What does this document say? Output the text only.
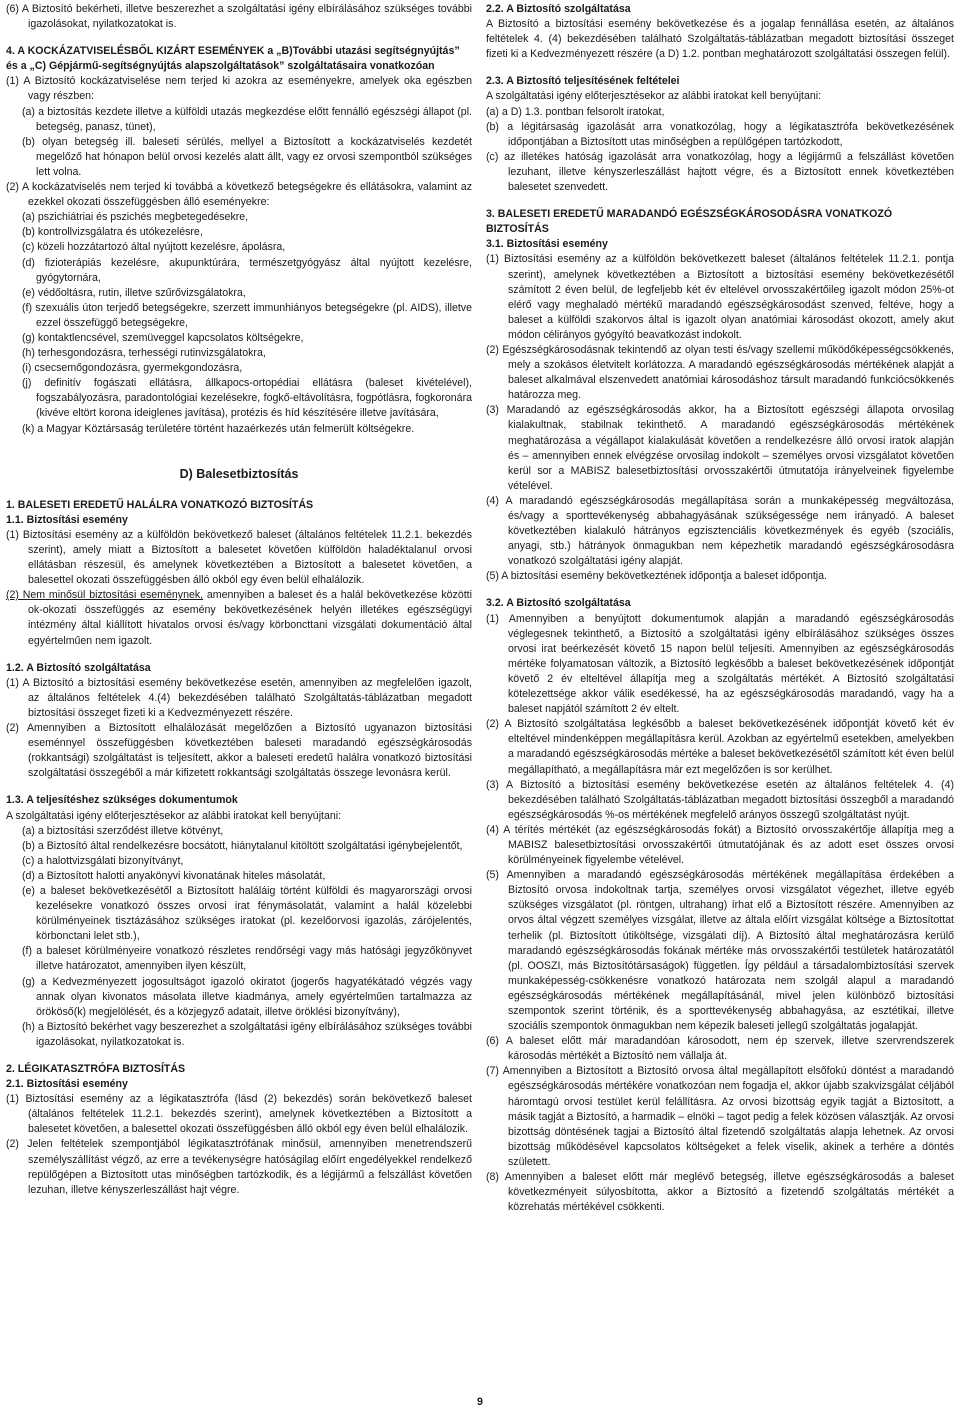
(6) A Biztosító bekérheti, illetve beszerezhet a szolgáltatási igény elbírálásához szükséges további igazolásokat, nyilatkozatokat is.

4. A KOCKÁZATVISELÉSBŐL KIZÁRT ESEMÉNYEK a „B)További utazási segítségnyújtás” és a „C) Gépjármű-segítségnyújtás alapszolgáltatások” szolgáltatásaira vonatkozóan

(1) A Biztosító kockázatviselése nem terjed ki azokra az eseményekre, amelyek oka egészben vagy részben:

(a) a biztosítás kezdete illetve a külföldi utazás megkezdése előtt fennálló egészségi állapot (pl. betegség, panasz, tünet),

(b) olyan betegség ill. baleseti sérülés, mellyel a Biztosított a kockázatviselés kezdetét megelőző hat hónapon belül orvosi kezelés alatt állt, vagy ez orvosi szempontból szükséges lett volna.

(2) A kockázatviselés nem terjed ki továbbá a következő betegségekre és ellátásokra, valamint az ezekkel okozati összefüggésben álló eseményekre:

(a) pszichiátriai és pszichés megbetegedésekre,

(b) kontrollvizsgálatra és utókezelésre,

(c) közeli hozzátartozó által nyújtott kezelésre, ápolásra,

(d) fizioterápiás kezelésre, akupunktúrára, természetgyógyász által nyújtott kezelésre, gyógytornára,

(e) védőoltásra, rutin, illetve szűrővizsgálatokra,

(f) szexuális úton terjedő betegségekre, szerzett immunhiányos betegségekre (pl. AIDS), illetve ezzel összefüggő betegségekre,

(g) kontaktlencsével, szemüveggel kapcsolatos költségekre,

(h) terhesgondozásra, terhességi rutinvizsgálatokra,

(i) csecsemőgondozásra, gyermekgondozásra,

(j) definitív fogászati ellátásra, állkapocs-ortopédiai ellátásra (baleset kivételével), fogszabályozásra, paradontológiai kezelésekre, fogkő-eltávolításra, fogpótlásra, fogkoronára (kivéve eltört korona ideiglenes javítása), protézis és híd készítésére illetve javítására,

(k) a Magyar Köztársaság területére történt hazaérkezés után felmerült költségekre.

D) Balesetbiztosítás

1. BALESETI EREDETŰ HALÁLRA VONATKOZÓ BIZTOSÍTÁS

1.1. Biztosítási esemény

(1) Biztosítási esemény az a külföldön bekövetkező baleset (általános feltételek 11.2.1. bekezdés szerint), amely miatt a Biztosított a balesetet követően külföldön haladéktalanul orvosi ellátásban részesül, és amelynek következtében a Biztosított a balesetet követően, a balesettel okozati összefüggésben álló okból egy éven belül elhalálozik.

(2) Nem minősül biztosítási eseménynek, amennyiben a baleset és a halál bekövetkezése közötti ok-okozati összefüggés az esemény bekövetkezésének helyén illetékes egészségügyi intézmény által kiállított hivatalos orvosi és/vagy körboncttani vizsgálati dokumentáció által egyértelműen nem igazolt.

1.2. A Biztosító szolgáltatása

(1) A Biztosító a biztosítási esemény bekövetkezése esetén, amennyiben az megfelelően igazolt, az általános feltételek 4.(4) bekezdésében található Szolgáltatás-táblázatban megadott biztosítási összeget fizeti ki a Kedvezményezett részére.

(2) Amennyiben a Biztosított elhalálozását megelőzően a Biztosító ugyanazon biztosítási eseménnyel összefüggésben következtében baleseti maradandó egészségkárosodás (rokkantsági) szolgáltatást is teljesített, akkor a baleseti eredetű halálra vonatkozó biztosítási szolgáltatási összegéből a már kifizetett rokkantsági szolgáltatás összege levonásra kerül.

1.3. A teljesítéshez szükséges dokumentumok

A szolgáltatási igény előterjesztésekor az alábbi iratokat kell benyújtani:

(a) a biztosítási szerződést illetve kötvényt,

(b) a Biztosító által rendelkezésre bocsátott, hiánytalanul kitöltött szolgáltatási igénybejelentőt,

(c) a halottvizsgálati bizonyítványt,

(d) a Biztosított halotti anyakönyvi kivonatának hiteles másolatát,

(e) a baleset bekövetkezésétől a Biztosított haláláig történt külföldi és magyarországi orvosi kezelésekre vonatkozó összes orvosi irat fénymásolatát, valamint a halál közelebbi körülményeinek tisztázásához szükséges iratokat (pl. kezelőorvosi igazolás, zárójelentés, körbonctani lelet stb.),

(f) a baleset körülményeire vonatkozó részletes rendőrségi vagy más hatósági jegyzőkönyvet illetve határozatot, amennyiben ilyen készült,

(g) a Kedvezményezett jogosultságot igazoló okiratot (jogerős hagyatékátadó végzés vagy annak olyan kivonatos másolata illetve kiadmánya, amely egyértelműen tartalmazza az örököső(k) megjelölését, és a közjegyző adatait, illetve öröklési bizonyítvány),

(h) a Biztosító bekérhet vagy beszerezhet a szolgáltatási igény elbírálásához szükséges további igazolásokat, nyilatkozatokat is.

2. LÉGIKATASZTRÓFA BIZTOSÍTÁS

2.1. Biztosítási esemény

(1) Biztosítási esemény az a légikatasztrófa (lásd (2) bekezdés) során bekövetkező baleset (általános feltételek 11.2.1. bekezdés szerint), amelynek következtében a Biztosított a balesetet követően, a balesettel okozati összefüggésben álló okból egy éven belül elhalálozik.

(2) Jelen feltételek szempontjából légikatasztrófának minősül, amennyiben menetrendszerű személyszállítást végző, az erre a tevékenységre hatóságilag előírt engedélyekkel rendelkező repülőgépen a Biztosított utas minőségben tartózkodik, és a légijármű a felszállást követően lezuhan, illetve kényszerleszállást hajt végre.

2.2. A Biztosító szolgáltatása

A Biztosító a biztosítási esemény bekövetkezése és a jogalap fennállása esetén, az általános feltételek 4. (4) bekezdésében található Szolgáltatás-táblázatban megadott biztosítási összeget fizeti ki a Kedvezményezett részére (a D) 1.2. pontban meghatározott szolgáltatási összegen felül).

2.3. A Biztosító teljesítésének feltételei

A szolgáltatási igény előterjesztésekor az alábbi iratokat kell benyújtani:

(a) a D) 1.3. pontban felsorolt iratokat,

(b) a légitársaság igazolását arra vonatkozólag, hogy a légikatasztrófa bekövetkezésének időpontjában a Biztosított utas minőségben a repülőgépen tartózkodott,

(c) az illetékes hatóság igazolását arra vonatkozólag, hogy a légijármű a felszállást követően lezuhant, illetve kényszerleszállást hajtott végre, és a Biztosított ennek következtében balesetet szenvedett.

3. BALESETI EREDETŰ MARADANDÓ EGÉSZSÉGKÁROSODÁSRA VONATKOZÓ BIZTOSÍTÁS

3.1. Biztosítási esemény

(1) Biztosítási esemény az a külföldön bekövetkezett baleset (általános feltételek 11.2.1. pontja szerint), amelynek következtében a Biztosított a biztosítási esemény bekövetkezésétől számított 2 éven belül, de legfeljebb két év eltelével orvosszakértőileg igazolt módon 25%-ot elérő vagy meghaladó mértékű maradandó egészségkárosodást szenved, feltéve, hogy a baleset a külföldi szakorvos által is igazolt olyan anatómiai károsodást okozott, amely akut módon célirányos gyógyító beavatkozást indokolt.

(2) Egészségkárosodásnak tekintendő az olyan testi és/vagy szellemi működőképességcsökkenés, mely a szokásos életvitelt korlátozza. A maradandó egészségkárosodás mértékének alapját a baleset alkalmával elszenvedett anatómiai károsodáshoz társult maradandó funkciócsökkenés határozza meg.

(3) Maradandó az egészségkárosodás akkor, ha a Biztosított egészségi állapota orvosilag kialakultnak, stabilnak tekinthető. A maradandó egészségkárosodás mértékének meghatározása a végállapot kialakulását követően a rendelkezésre álló orvosi iratok alapján és – amennyiben ennek elvégzése orvosilag indokolt – személyes orvosi vizsgálatot követően kerül sor a MABISZ balesetbiztosítási orvosszakértői útmutatója irányelveinek figyelembe vételével.

(4) A maradandó egészségkárosodás megállapítása során a munkaképesség megváltozása, és/vagy a sporttevékenység abbahagyásának szükségessége nem irányadó. A baleset következtében kialakuló hátrányos egzisztenciális következmények és egyéb (szociális, anyagi, stb.) hátrányok önmagukban nem képezhetik maradandó egészségkárosodásra vonatkozó szolgáltatási igény alapját.

(5) A biztosítási esemény bekövetkeztének időpontja a baleset időpontja.

3.2. A Biztosító szolgáltatása

(1) Amennyiben a benyújtott dokumentumok alapján a maradandó egészségkárosodás véglegesnek tekinthető, a Biztosító a szolgáltatási igény elbírálásához szükséges összes orvosi irat beérkezését követő 15 napon belül teljesíti. Amennyiben az egészségkárosodás mértéke folyamatosan változik, a Biztosító legkésőbb a baleset bekövetkezésének időpontját követő 2 év elteltével állapítja meg a szolgáltatás mértékét. A Biztosító szolgáltatási kötelezettsége akkor válik esedékessé, ha az egészségkárosodás maradandó, vagy ha a baleset napjától számított 2 év eltelt.

(2) A Biztosító szolgáltatása legkésőbb a baleset bekövetkezésének időpontját követő két év elteltével mindenképpen megállapításra kerül. Azokban az egyértelmű esetekben, amelyekben a maradandó egészségkárosodás mértéke a baleset bekövetkezésétől számított két éven belül megállapítható, a megállapításra már ezt megelőzően is sor kerülhet.

(3) A Biztosító a biztosítási esemény bekövetkezése esetén az általános feltételek 4. (4) bekezdésében található Szolgáltatás-táblázatban megadott biztosítási összegből a maradandó egészségkárosodás %-os mértékének megfelelő arányos összegű szolgáltatást nyújt.

(4) A térítés mértékét (az egészségkárosodás fokát) a Biztosító orvosszakértője állapítja meg a MABISZ balesetbiztosítási orvosszakértői útmutatójának és az adott eset összes orvosi körülményeinek figyelembe vételével.

(5) Amennyiben a maradandó egészségkárosodás mértékének megállapítása érdekében a Biztosító orvosa indokoltnak tartja, személyes orvosi vizsgálatot végezhet, illetve egyéb szükséges vizsgálatot (pl. röntgen, ultrahang) írhat elő a Biztosított részére. Amennyiben az orvos által végzett személyes vizsgálat, illetve az általa előírt vizsgálat költsége a Biztosítottat terhelik (pl. Biztosított útiköltsége, vizsgálati díj). A Biztosító által meghatározásra kerülő maradandó egészségkárosodás fokának mértéke más orvosszakértői testületek határozatától (pl. OOSZI, más Biztosítótársaságok) független. Így például a társadalombiztosítási szervek munkaképesség-csökkenésre vonatkozó határozata nem szolgál alapul a maradandó egészségkárosodás mértékének megállapításánál, mivel jelen különböző biztosítási szempontok szerint történik, és a sporttevékenység abbahagyása, az esztétikai, illetve szociális szempontok önmagukban nem képezik baleseti jellegű szolgáltatás jogalapját.

(6) A baleset előtt már maradandóan károsodott, nem ép szervek, illetve szervrendszerek károsodás mértékét a Biztosító nem vállalja át.

(7) Amennyiben a Biztosított a Biztosító orvosa által megállapított elsőfokú döntést a maradandó egészségkárosodás mértékére vonatkozóan nem fogadja el, akkor újabb szakvizsgálat céljából háromtagú orvosi testület kerül felállításra. Az orvosi bizottság egyik tagját a Biztosított, a másik tagját a Biztosító, a harmadik – elnöki – tagot pedig a felek közösen választják. Az orvosi bizottság döntésének tagjai a Biztosító által fizetendő szolgáltatás alapja lehetnek. Az orvosi bizottság működésével kapcsolatos költségeket a felek viselik, akinek a terhére a döntés született.

(8) Amennyiben a baleset előtt már meglévő betegség, illetve egészségkárosodás a baleset következményeit súlyosbította, akkor a Biztosító a fizetendő szolgáltatás mértékét a közrehatás mértékével csökkenti.

9
